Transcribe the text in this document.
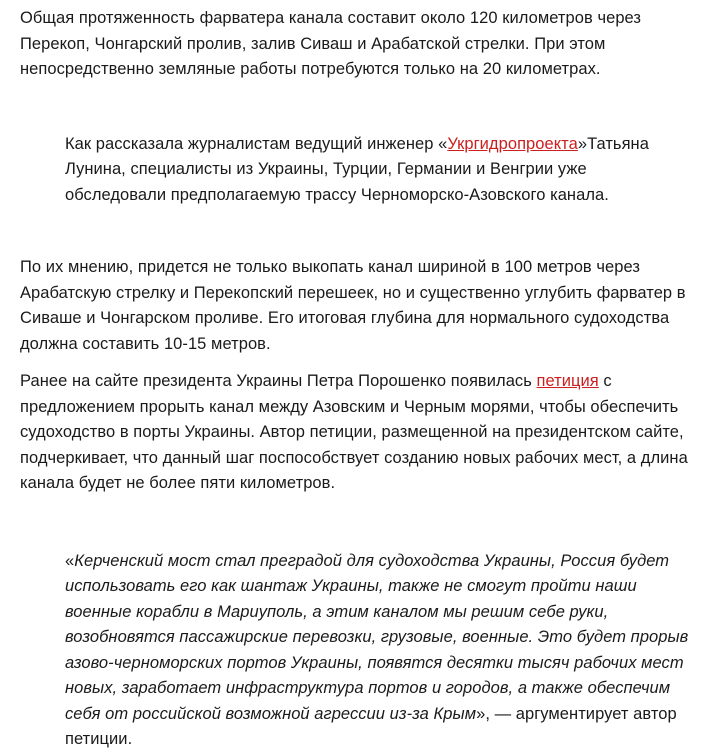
Общая протяженность фарватера канала составит около 120 километров через Перекоп, Чонгарский пролив, залив Сиваш и Арабатской стрелки. При этом непосредственно земляные работы потребуются только на 20 километрах.

Как рассказала журналистам ведущий инженер «Укргидропроекта»Татьяна Лунина, специалисты из Украины, Турции, Германии и Венгрии уже обследовали предполагаемую трассу Черноморско-Азовского канала.

По их мнению, придется не только выкопать канал шириной в 100 метров через Арабатскую стрелку и Перекопский перешеек, но и существенно углубить фарватер в Сиваше и Чонгарском проливе. Его итоговая глубина для нормального судоходства должна составить 10-15 метров.

Ранее на сайте президента Украины Петра Порошенко появилась петиция с предложением прорыть канал между Азовским и Черным морями, чтобы обеспечить судоходство в порты Украины. Автор петиции, размещенной на президентском сайте, подчеркивает, что данный шаг поспособствует созданию новых рабочих мест, а длина канала будет не более пяти километров.

«Керченский мост стал преградой для судоходства Украины, Россия будет использовать его как шантаж Украины, также не смогут пройти наши военные корабли в Мариуполь, а этим каналом мы решим себе руки, возобновятся пассажирские перевозки, грузовые, военные. Это будет прорыв азово-черноморских портов Украины, появятся десятки тысяч рабочих мест новых, заработает инфраструктура портов и городов, а также обеспечим себя от российской возможной агрессии из-за Крым», — аргументирует автор петиции.
